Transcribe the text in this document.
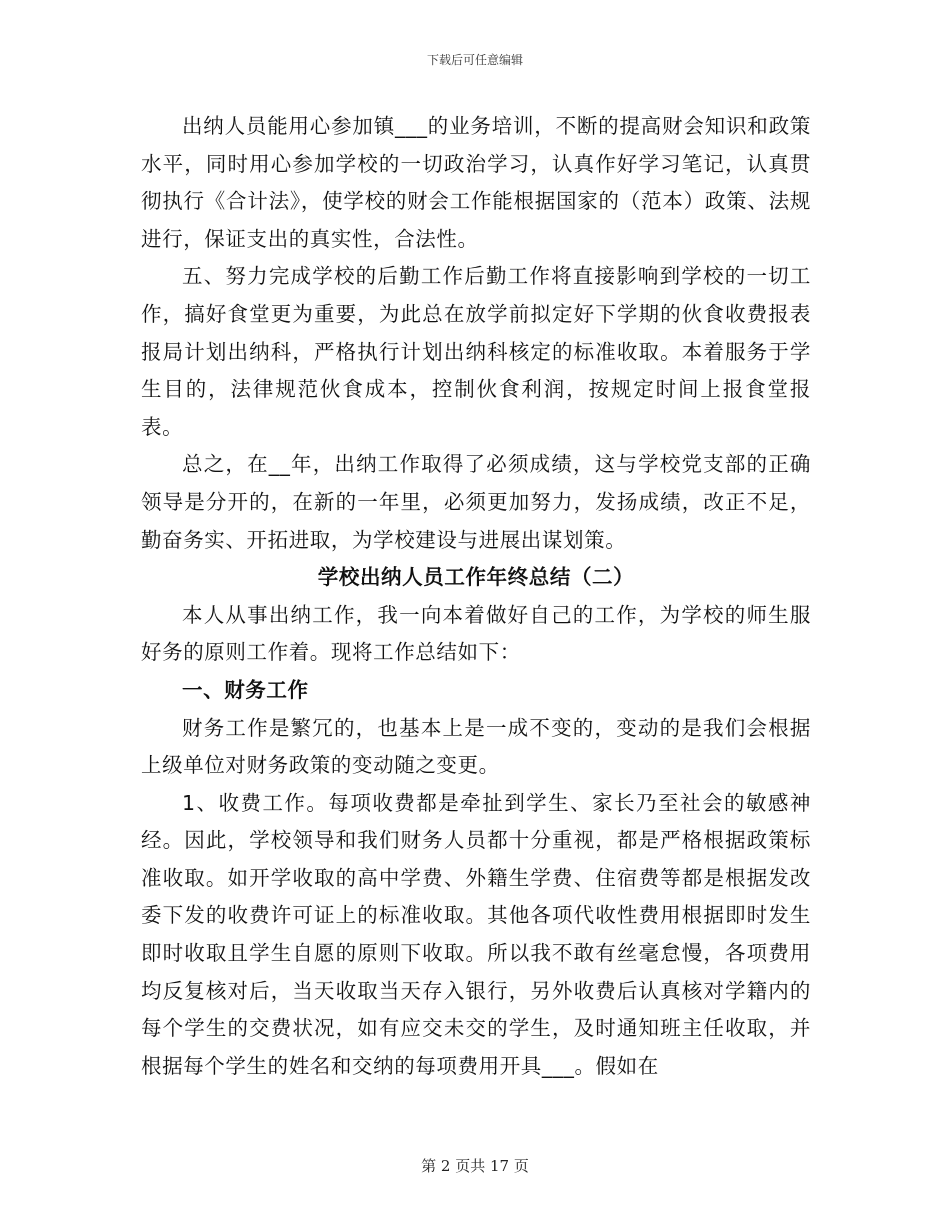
下载后可任意编辑

出纳人员能用心参加镇___的业务培训，不断的提高财会知识和政策水平，同时用心参加学校的一切政治学习，认真作好学习笔记，认真贯彻执行《合计法》，使学校的财会工作能根据国家的（范本）政策、法规进行，保证支出的真实性，合法性。

五、努力完成学校的后勤工作后勤工作将直接影响到学校的一切工作，搞好食堂更为重要，为此总在放学前拟定好下学期的伙食收费报表报局计划出纳科，严格执行计划出纳科核定的标准收取。本着服务于学生目的，法律规范伙食成本，控制伙食利润，按规定时间上报食堂报表。

总之，在__年，出纳工作取得了必须成绩，这与学校党支部的正确领导是分开的，在新的一年里，必须更加努力，发扬成绩，改正不足，勤奋务实、开拓进取，为学校建设与进展出谋划策。

学校出纳人员工作年终总结（二）

本人从事出纳工作，我一向本着做好自己的工作，为学校的师生服好务的原则工作着。现将工作总结如下：

一、财务工作

财务工作是繁冗的，也基本上是一成不变的，变动的是我们会根据上级单位对财务政策的变动随之变更。

1、收费工作。每项收费都是牵扯到学生、家长乃至社会的敏感神经。因此，学校领导和我们财务人员都十分重视，都是严格根据政策标准收取。如开学收取的高中学费、外籍生学费、住宿费等都是根据发改委下发的收费许可证上的标准收取。其他各项代收性费用根据即时发生即时收取且学生自愿的原则下收取。所以我不敢有丝毫怠慢，各项费用均反复核对后，当天收取当天存入银行，另外收费后认真核对学籍内的每个学生的交费状况，如有应交未交的学生，及时通知班主任收取，并根据每个学生的姓名和交纳的每项费用开具___。假如在

第 2 页共 17 页
